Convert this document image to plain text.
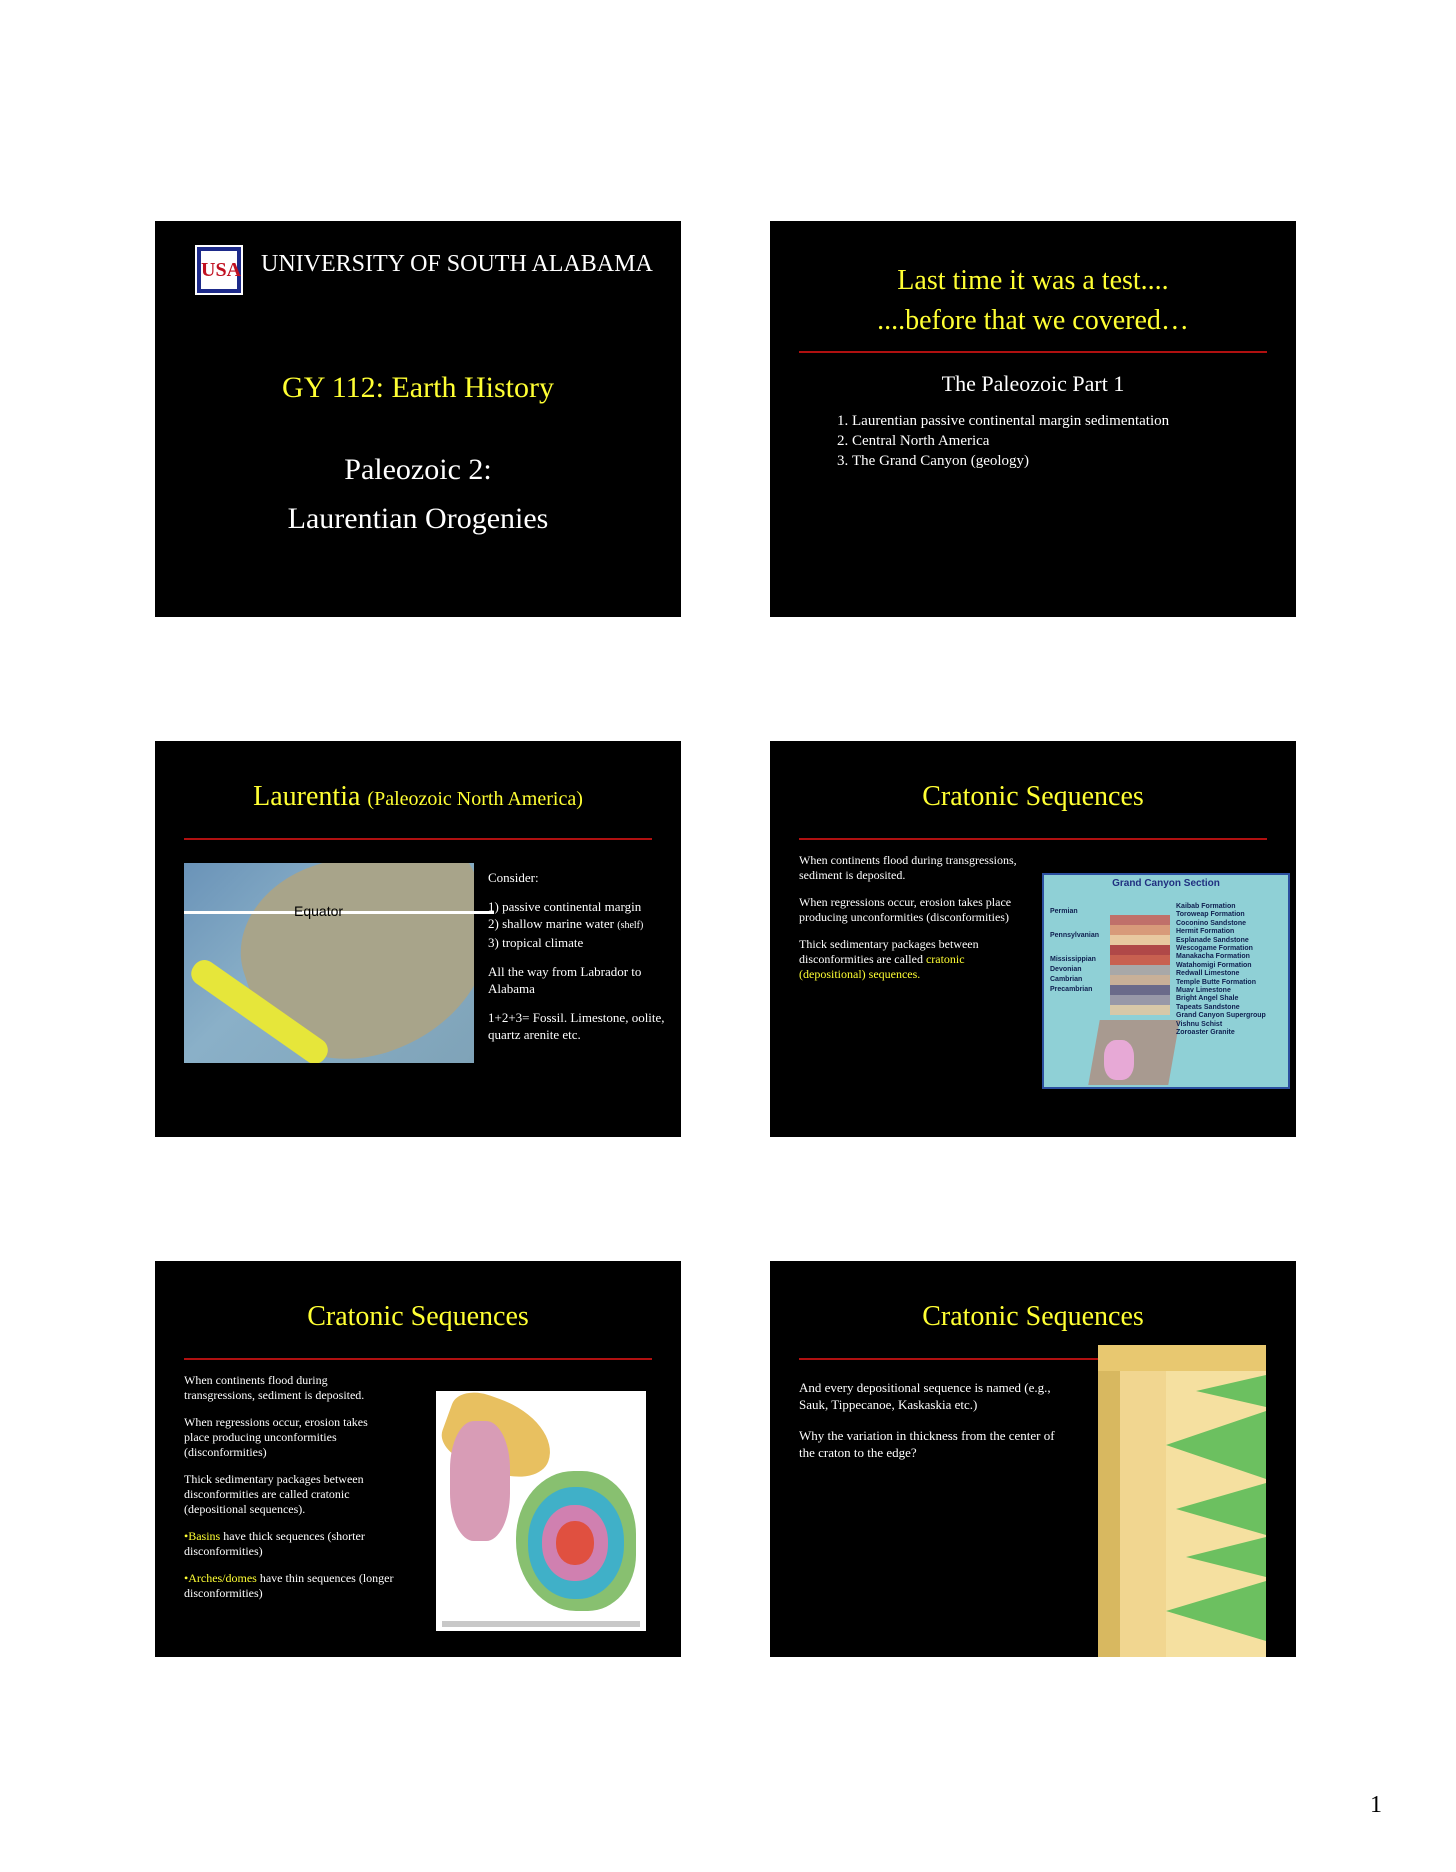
USA UNIVERSITY OF SOUTH ALABAMA
GY 112: Earth History
Paleozoic 2:
Laurentian Orogenies
Last time it was a test....
....before that we covered…
The Paleozoic Part 1
1. Laurentian passive continental margin sedimentation
2. Central North America
3. The Grand Canyon (geology)
Laurentia (Paleozoic North America)
Equator

Consider:

1) passive continental margin
2) shallow marine water (shelf)
3) tropical climate

All the way from Labrador to Alabama

1+2+3= Fossil. Limestone, oolite, quartz arenite etc.

Cratonic Sequences

When continents flood during transgressions, sediment is deposited.

When regressions occur, erosion takes place producing unconformities (disconformities)

Thick sedimentary packages between disconformities are called cratonic (depositional) sequences.

Grand Canyon Section
Permian
Pennsylvanian
Mississippian
Devonian
Cambrian
Precambrian
Kaibab Formation
Toroweap Formation
Coconino Sandstone
Hermit Formation
Esplanade Sandstone
Wescogame Formation
Manakacha Formation
Watahomigi Formation
Redwall Limestone
Temple Butte Formation
Muav Limestone
Bright Angel Shale
Tapeats Sandstone
Grand Canyon Supergroup
Vishnu Schist
Zoroaster Granite
Cratonic Sequences

When continents flood during transgressions, sediment is deposited.

When regressions occur, erosion takes place producing unconformities (disconformities)

Thick sedimentary packages between disconformities are called cratonic (depositional sequences).

•Basins have thick sequences (shorter disconformities)

•Arches/domes have thin sequences (longer disconformities)

Cratonic Sequences

And every depositional sequence is named (e.g., Sauk, Tippecanoe, Kaskaskia etc.)

Why the variation in thickness from the center of the craton to the edge?

1
